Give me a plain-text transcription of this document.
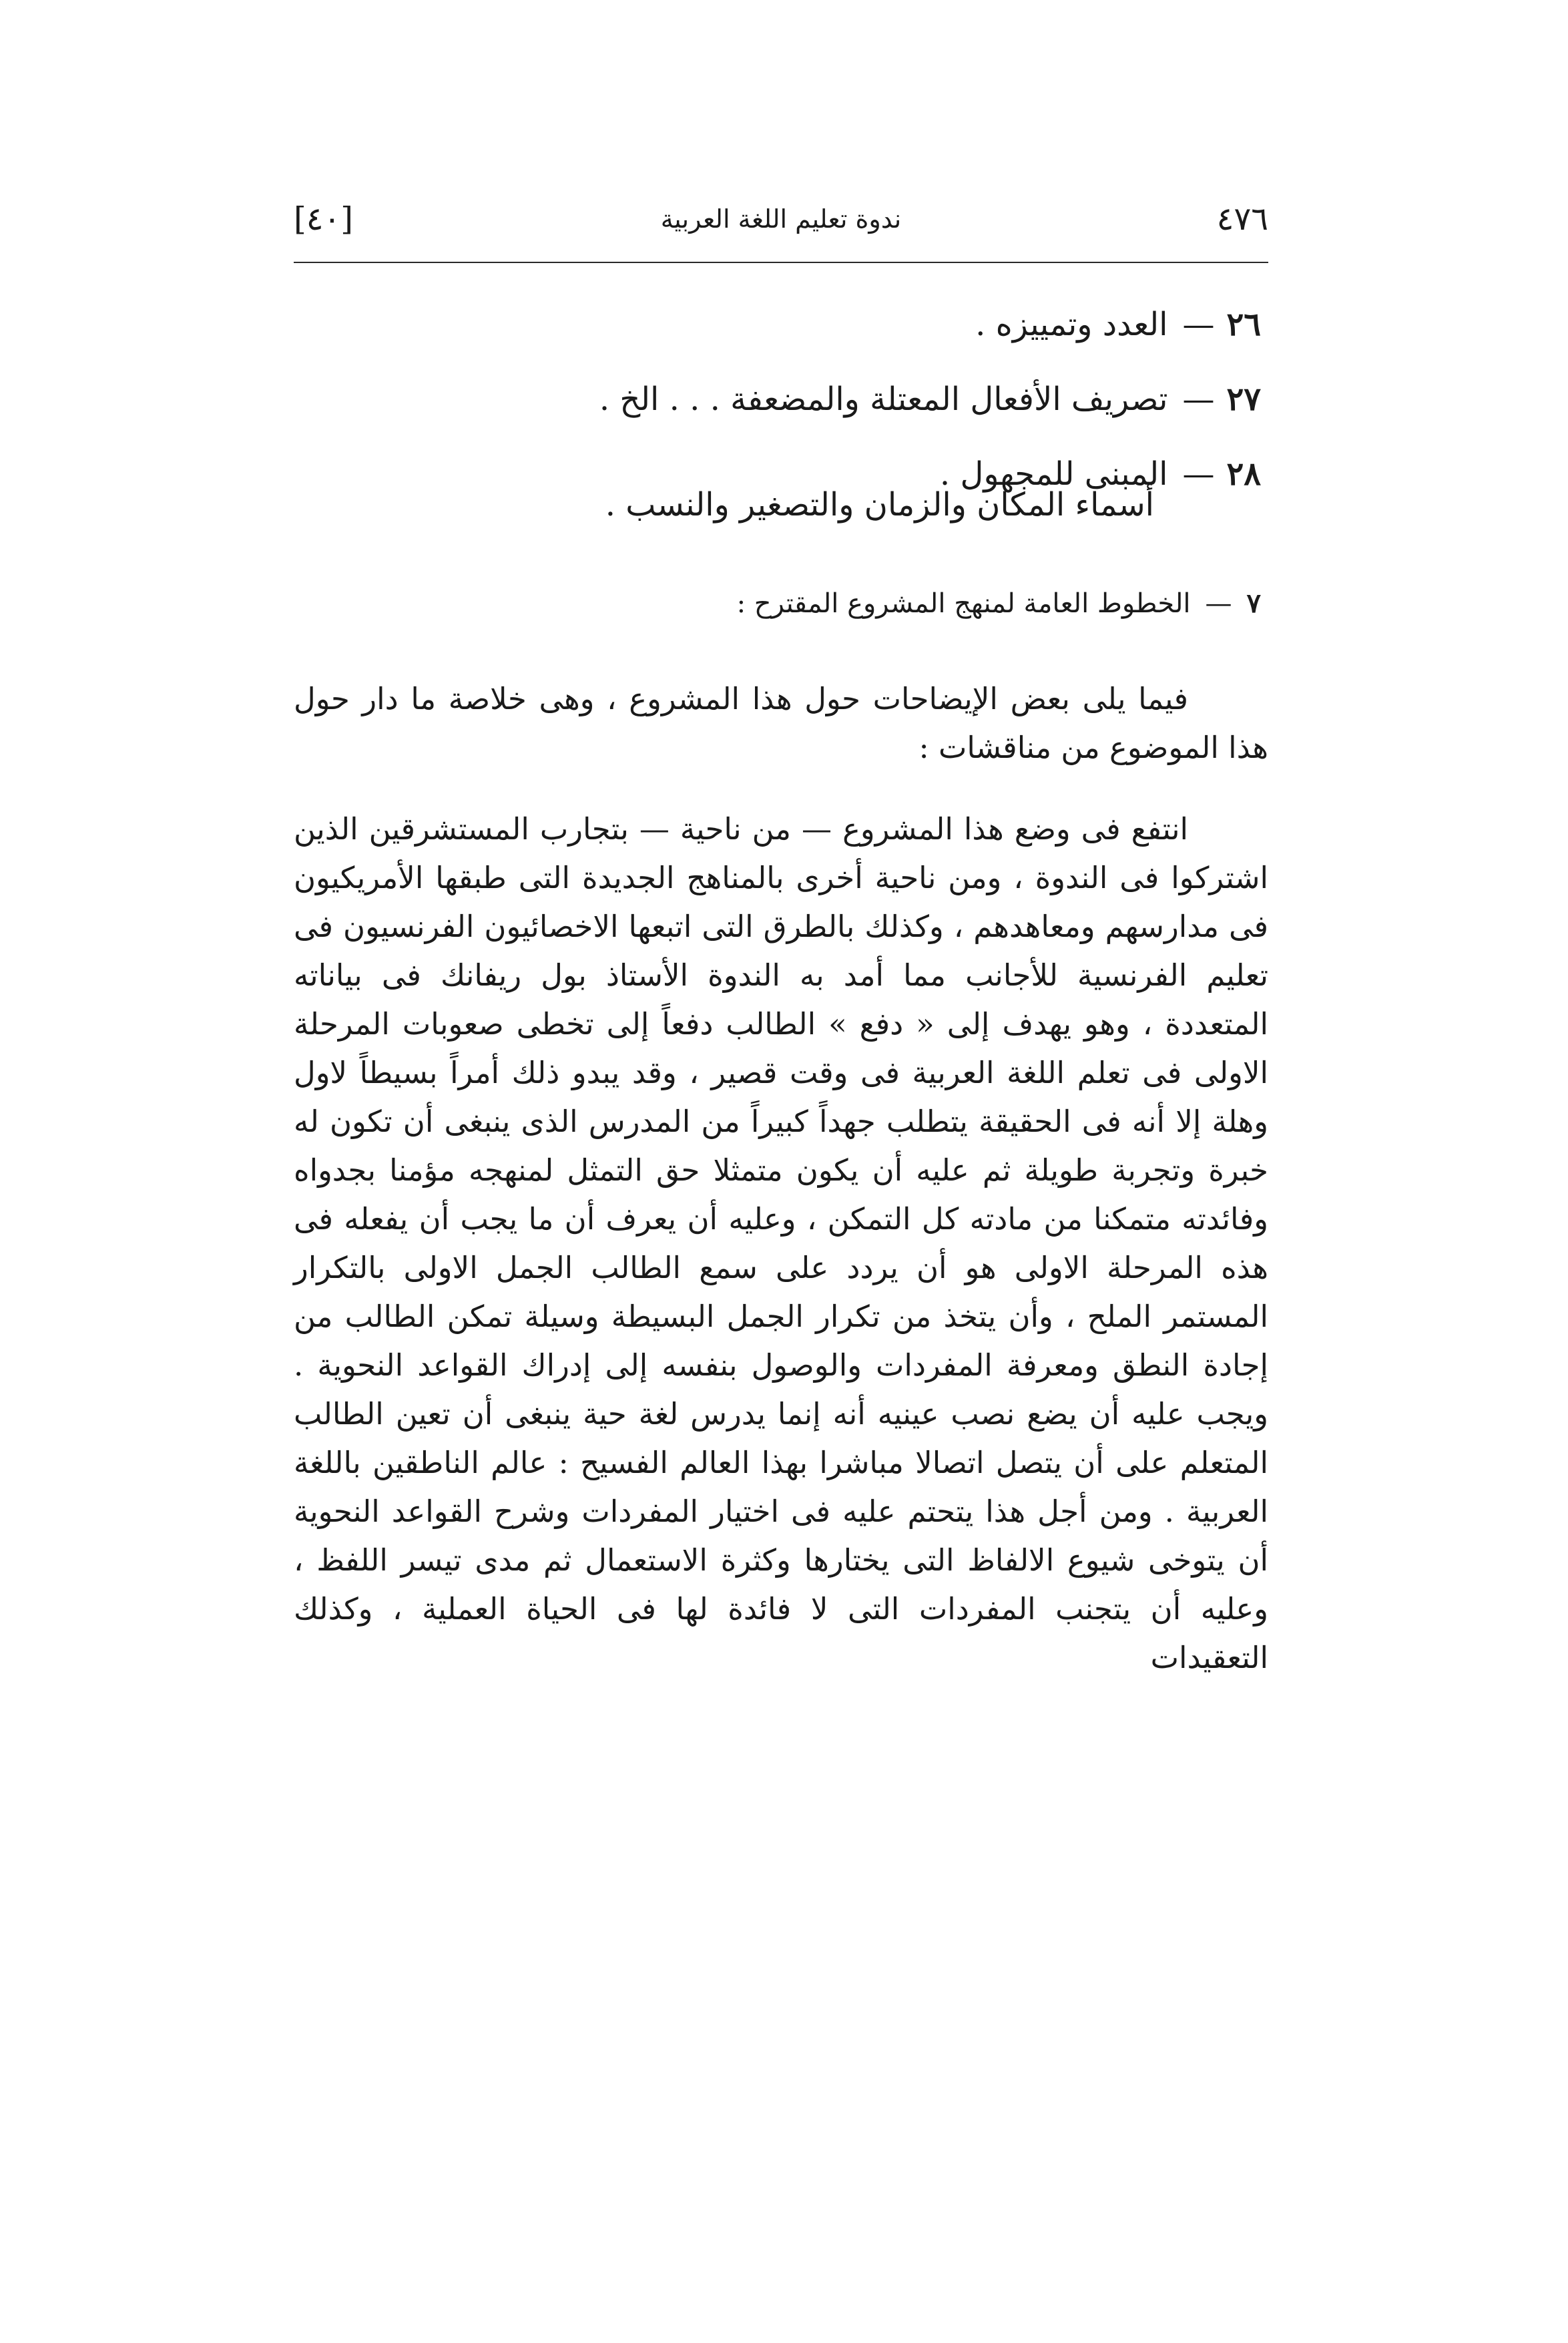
٤٧٦
ندوة تعليم اللغة العربية
[٤٠]
٢٦—العدد وتمييزه .
٢٧—تصريف الأفعال المعتلة والمضعفة . . . الخ .
٢٨—المبنى للمجهول .
أسماء المكان والزمان والتصغير والنسب .
٧—الخطوط العامة لمنهج المشروع المقترح :

فيما يلى بعض الإيضاحات حول هذا المشروع ، وهى خلاصة ما دار حول هذا الموضوع من مناقشات :

انتفع فى وضع هذا المشروع — من ناحية — بتجارب المستشرقين الذين اشتركوا فى الندوة ، ومن ناحية أخرى بالمناهج الجديدة التى طبقها الأمريكيون فى مدارسهم ومعاهدهم ، وكذلك بالطرق التى اتبعها الاخصائيون الفرنسيون فى تعليم الفرنسية للأجانب مما أمد به الندوة الأستاذ بول ريفانك فى بياناته المتعددة ، وهو يهدف إلى « دفع » الطالب دفعاً إلى تخطى صعوبات المرحلة الاولى فى تعلم اللغة العربية فى وقت قصير ، وقد يبدو ذلك أمراً بسيطاً لاول وهلة إلا أنه فى الحقيقة يتطلب جهداً كبيراً من المدرس الذى ينبغى أن تكون له خبرة وتجربة طويلة ثم عليه أن يكون متمثلا حق التمثل لمنهجه مؤمنا بجدواه وفائدته متمكنا من مادته كل التمكن ، وعليه أن يعرف أن ما يجب أن يفعله فى هذه المرحلة الاولى هو أن يردد على سمع الطالب الجمل الاولى بالتكرار المستمر الملح ، وأن يتخذ من تكرار الجمل البسيطة وسيلة تمكن الطالب من إجادة النطق ومعرفة المفردات والوصول بنفسه إلى إدراك القواعد النحوية . ويجب عليه أن يضع نصب عينيه أنه إنما يدرس لغة حية ينبغى أن تعين الطالب المتعلم على أن يتصل اتصالا مباشرا بهذا العالم الفسيح : عالم الناطقين باللغة العربية . ومن أجل هذا يتحتم عليه فى اختيار المفردات وشرح القواعد النحوية أن يتوخى شيوع الالفاظ التى يختارها وكثرة الاستعمال ثم مدى تيسر اللفظ ، وعليه أن يتجنب المفردات التى لا فائدة لها فى الحياة العملية ، وكذلك التعقيدات
